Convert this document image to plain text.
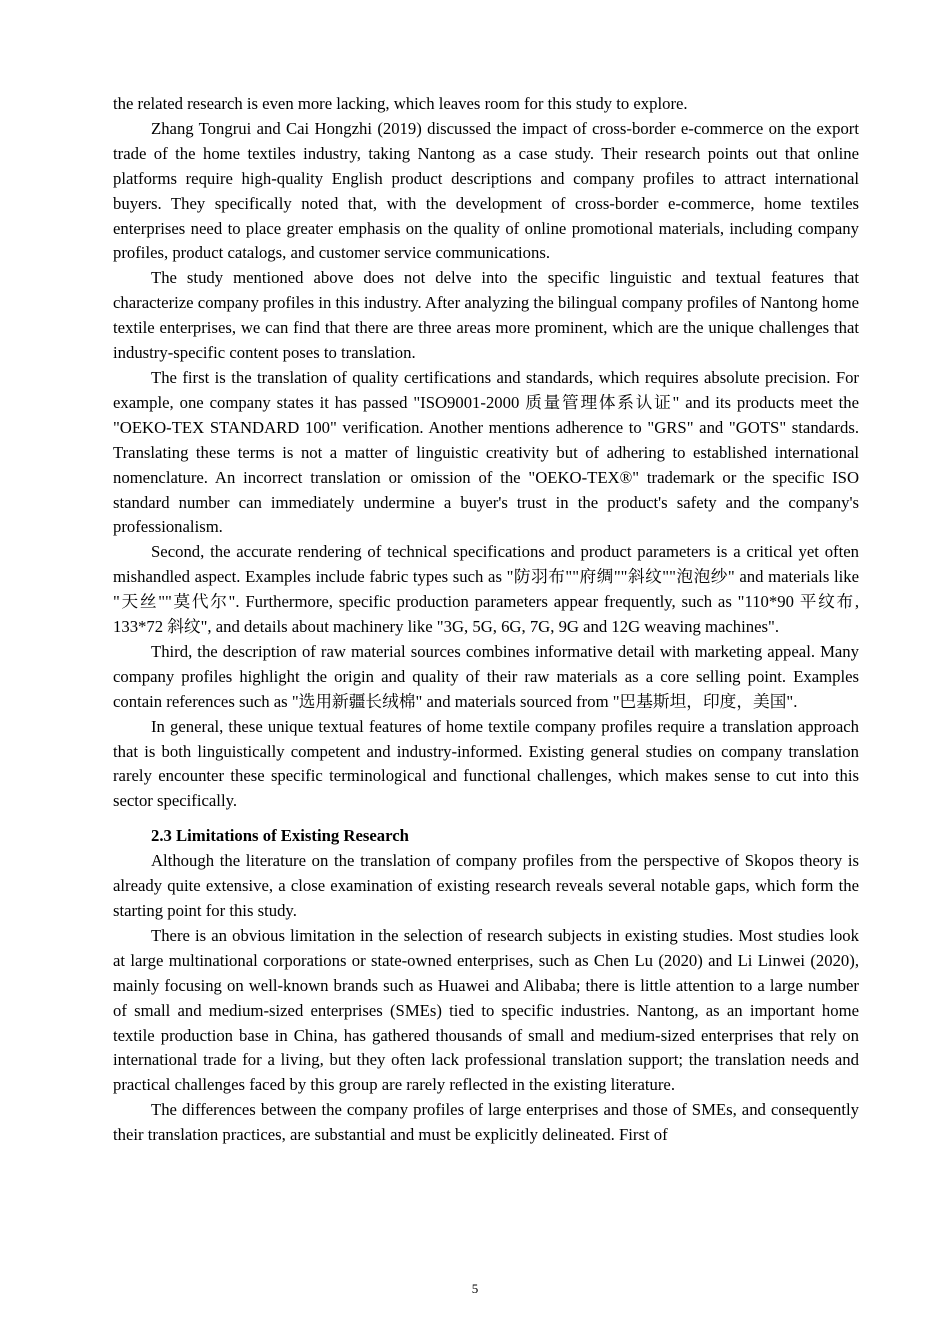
the related research is even more lacking, which leaves room for this study to explore.

Zhang Tongrui and Cai Hongzhi (2019) discussed the impact of cross-border e-commerce on the export trade of the home textiles industry, taking Nantong as a case study. Their research points out that online platforms require high-quality English product descriptions and company profiles to attract international buyers. They specifically noted that, with the development of cross-border e-commerce, home textiles enterprises need to place greater emphasis on the quality of online promotional materials, including company profiles, product catalogs, and customer service communications.

The study mentioned above does not delve into the specific linguistic and textual features that characterize company profiles in this industry. After analyzing the bilingual company profiles of Nantong home textile enterprises, we can find that there are three areas more prominent, which are the unique challenges that industry-specific content poses to translation.

The first is the translation of quality certifications and standards, which requires absolute precision. For example, one company states it has passed "ISO9001-2000 质量管理体系认证" and its products meet the "OEKO-TEX STANDARD 100" verification. Another mentions adherence to "GRS" and "GOTS" standards. Translating these terms is not a matter of linguistic creativity but of adhering to established international nomenclature. An incorrect translation or omission of the "OEKO-TEX®" trademark or the specific ISO standard number can immediately undermine a buyer's trust in the product's safety and the company's professionalism.

Second, the accurate rendering of technical specifications and product parameters is a critical yet often mishandled aspect. Examples include fabric types such as "防羽布""府绸""斜纹""泡泡纱" and materials like "天丝""莫代尔". Furthermore, specific production parameters appear frequently, such as "110*90 平纹布, 133*72 斜纹", and details about machinery like "3G, 5G, 6G, 7G, 9G and 12G weaving machines".

Third, the description of raw material sources combines informative detail with marketing appeal. Many company profiles highlight the origin and quality of their raw materials as a core selling point. Examples contain references such as "选用新疆长绒棉" and materials sourced from "巴基斯坦，印度，美国".

In general, these unique textual features of home textile company profiles require a translation approach that is both linguistically competent and industry-informed. Existing general studies on company translation rarely encounter these specific terminological and functional challenges, which makes sense to cut into this sector specifically.

2.3 Limitations of Existing Research

Although the literature on the translation of company profiles from the perspective of Skopos theory is already quite extensive, a close examination of existing research reveals several notable gaps, which form the starting point for this study.

There is an obvious limitation in the selection of research subjects in existing studies. Most studies look at large multinational corporations or state-owned enterprises, such as Chen Lu (2020) and Li Linwei (2020), mainly focusing on well-known brands such as Huawei and Alibaba; there is little attention to a large number of small and medium-sized enterprises (SMEs) tied to specific industries. Nantong, as an important home textile production base in China, has gathered thousands of small and medium-sized enterprises that rely on international trade for a living, but they often lack professional translation support; the translation needs and practical challenges faced by this group are rarely reflected in the existing literature.

The differences between the company profiles of large enterprises and those of SMEs, and consequently their translation practices, are substantial and must be explicitly delineated. First of

5
